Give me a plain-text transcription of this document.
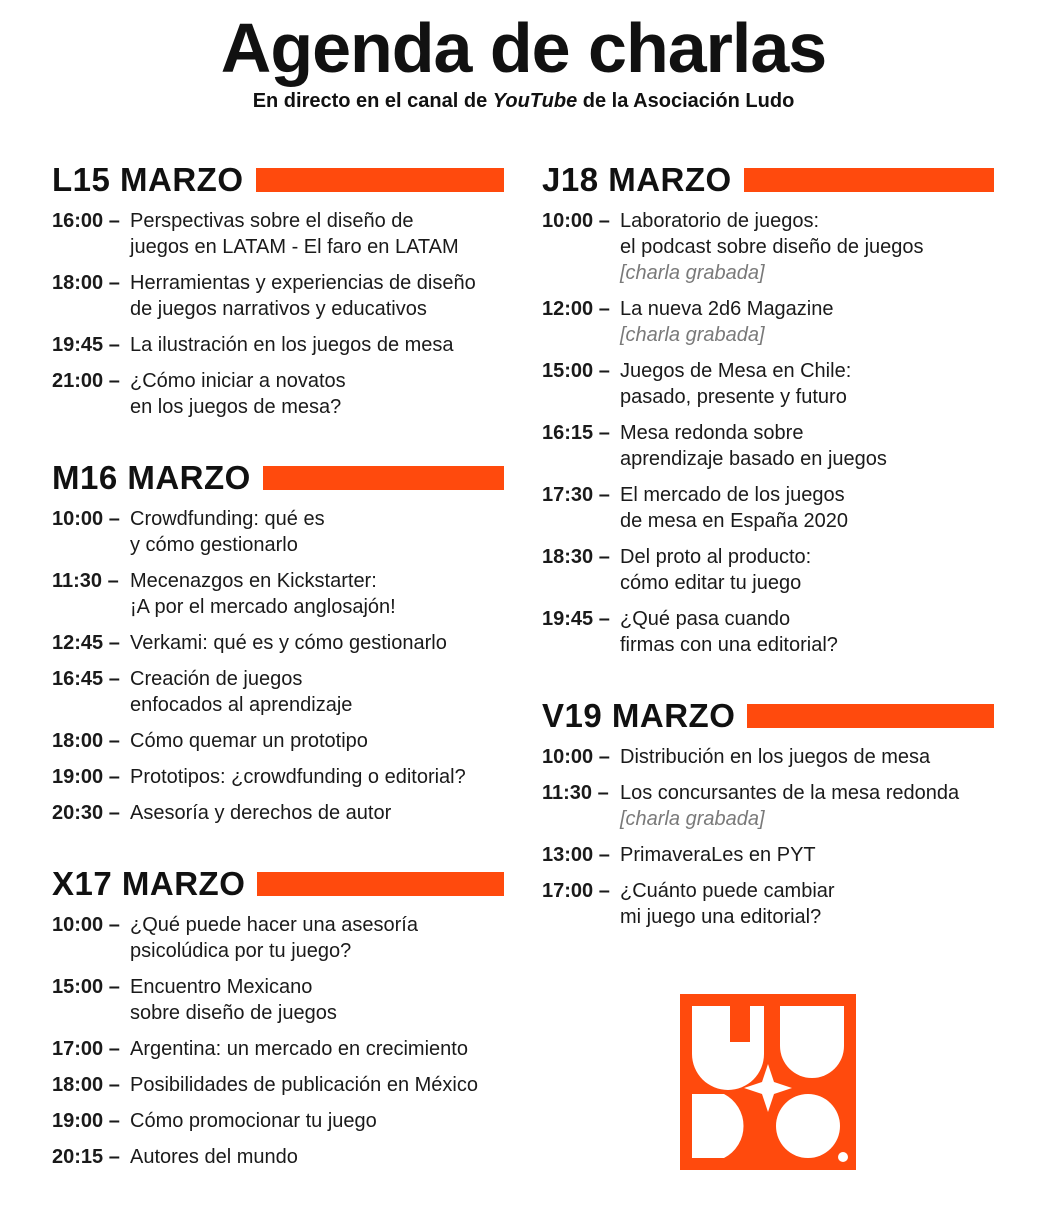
Agenda de charlas
En directo en el canal de YouTube de la Asociación Ludo
L15 MARZO
16:00 – Perspectivas sobre el diseño de
juegos en LATAM - El faro en LATAM
18:00 – Herramientas y experiencias de diseño
de juegos narrativos y educativos
19:45 – La ilustración en los juegos de mesa
21:00 – ¿Cómo iniciar a novatos
en los juegos de mesa?
M16 MARZO
10:00 – Crowdfunding: qué es
y cómo gestionarlo
11:30 – Mecenazgos en Kickstarter:
¡A por el mercado anglosajón!
12:45 – Verkami: qué es y cómo gestionarlo
16:45 – Creación de juegos
enfocados al aprendizaje
18:00 – Cómo quemar un prototipo
19:00 – Prototipos: ¿crowdfunding o editorial?
20:30 – Asesoría y derechos de autor
X17 MARZO
10:00 – ¿Qué puede hacer una asesoría
psicolúdica por tu juego?
15:00 – Encuentro Mexicano
sobre diseño de juegos
17:00 – Argentina: un mercado en crecimiento
18:00 – Posibilidades de publicación en México
19:00 – Cómo promocionar tu juego
20:15 – Autores del mundo
J18 MARZO
10:00 – Laboratorio de juegos:
el podcast sobre diseño de juegos
[charla grabada]
12:00 – La nueva 2d6 Magazine
[charla grabada]
15:00 – Juegos de Mesa en Chile:
pasado, presente y futuro
16:15 – Mesa redonda sobre
aprendizaje basado en juegos
17:30 – El mercado de los juegos
de mesa en España 2020
18:30 – Del proto al producto:
cómo editar tu juego
19:45 – ¿Qué pasa cuando
firmas con una editorial?
V19 MARZO
10:00 – Distribución en los juegos de mesa
11:30 – Los concursantes de la mesa redonda
[charla grabada]
13:00 – PrimaveraLes en PYT
17:00 – ¿Cuánto puede cambiar
mi juego una editorial?
